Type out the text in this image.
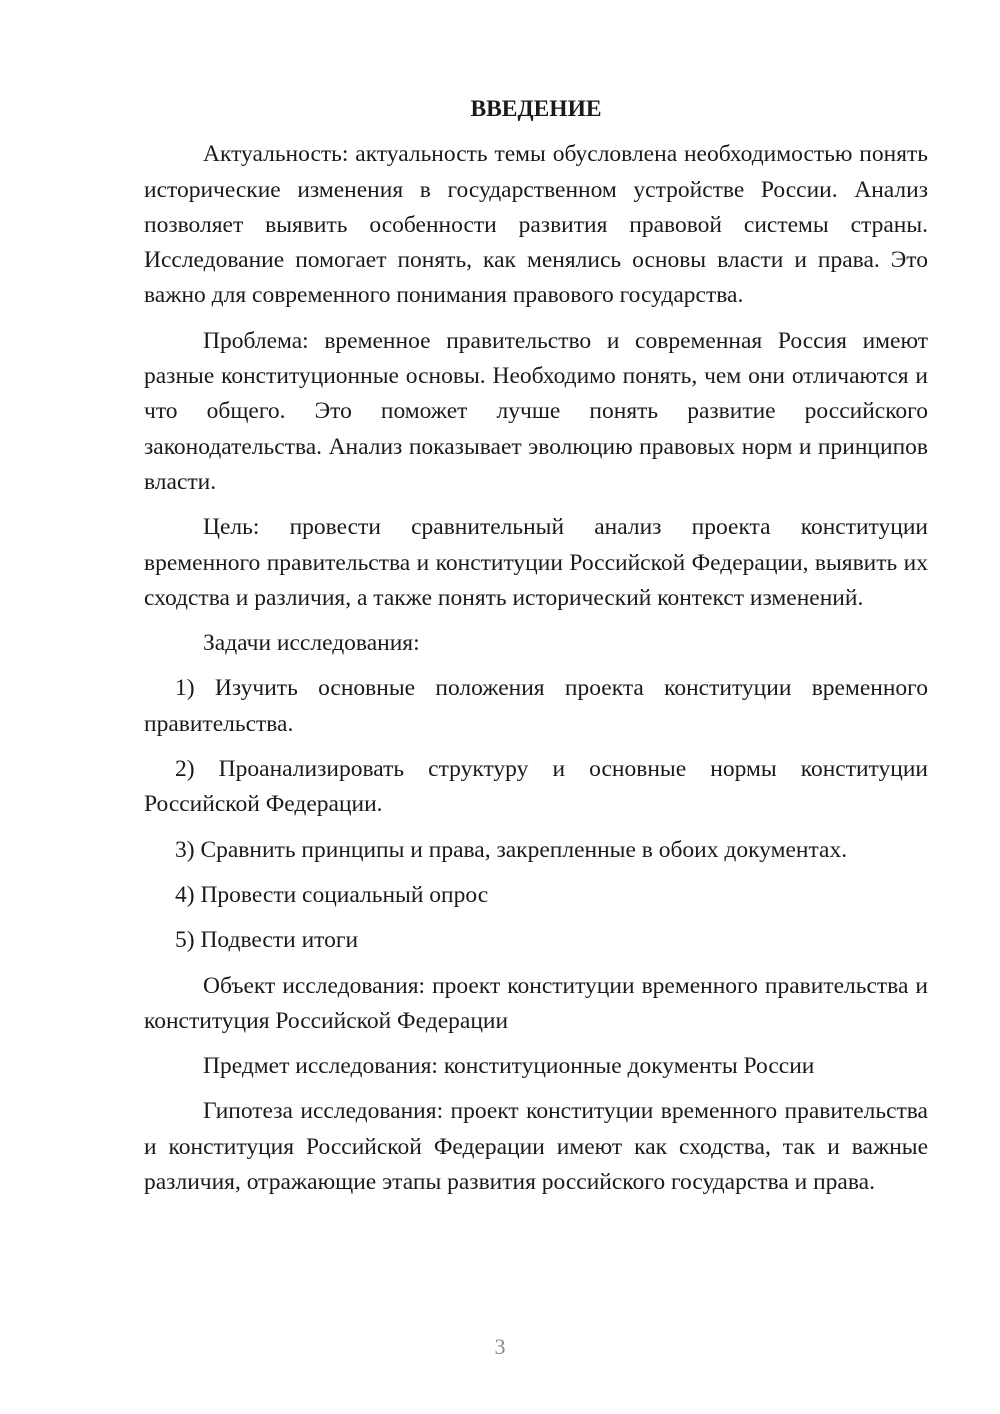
ВВЕДЕНИЕ

Актуальность: актуальность темы обусловлена необходимостью понять исторические изменения в государственном устройстве России. Анализ позволяет выявить особенности развития правовой системы страны. Исследование помогает понять, как менялись основы власти и права. Это важно для современного понимания правового государства.

Проблема: временное правительство и современная Россия имеют разные конституционные основы. Необходимо понять, чем они отличаются и что общего. Это поможет лучше понять развитие российского законодательства. Анализ показывает эволюцию правовых норм и принципов власти.

Цель: провести сравнительный анализ проекта конституции временного правительства и конституции Российской Федерации, выявить их сходства и различия, а также понять исторический контекст изменений.

Задачи исследования:

1) Изучить основные положения проекта конституции временного правительства.

2) Проанализировать структуру и основные нормы конституции Российской Федерации.

3) Сравнить принципы и права, закрепленные в обоих документах.

4) Провести социальный опрос

5) Подвести итоги

Объект исследования: проект конституции временного правительства и конституция Российской Федерации

Предмет исследования: конституционные документы России

Гипотеза исследования: проект конституции временного правительства и конституция Российской Федерации имеют как сходства, так и важные различия, отражающие этапы развития российского государства и права.

3
